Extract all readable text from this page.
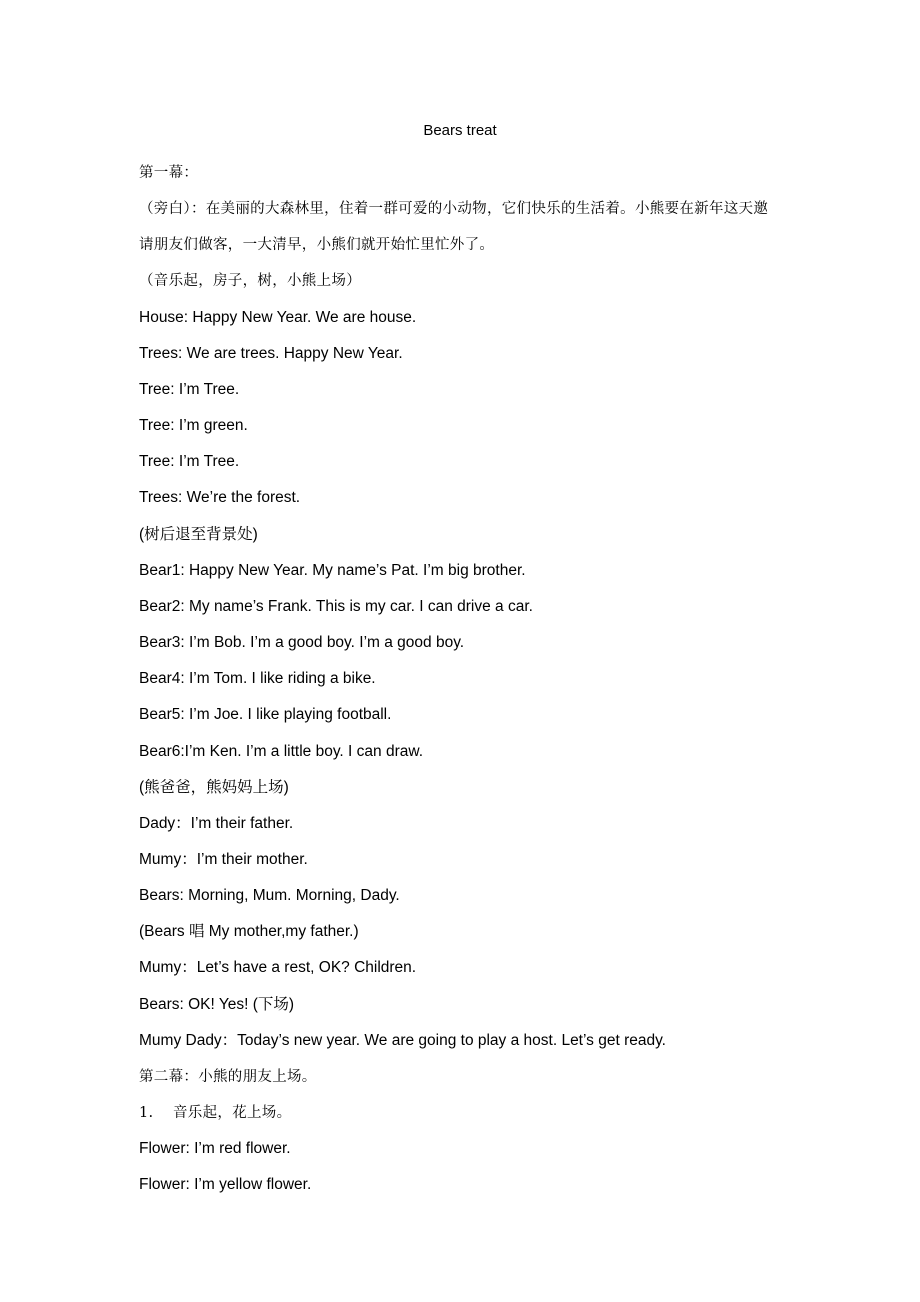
Bears treat
第一幕：
（旁白）：在美丽的大森林里，住着一群可爱的小动物，它们快乐的生活着。小熊要在新年这天邀请朋友们做客，一大清早，小熊们就开始忙里忙外了。
（音乐起，房子，树，小熊上场）
House: Happy New Year. We are house.
Trees: We are trees. Happy New Year.
Tree: I’m Tree.
Tree: I’m green.
Tree: I’m Tree.
Trees: We’re the forest.
(树后退至背景处)
Bear1: Happy New Year. My name’s Pat. I’m big brother.
Bear2: My name’s Frank. This is my car. I can drive a car.
Bear3: I’m Bob. I’m a good boy. I’m a good boy.
Bear4: I’m Tom. I like riding a bike.
Bear5: I’m Joe. I like playing football.
Bear6:I’m Ken. I’m a little boy. I can draw.
(熊爸爸，熊妈妈上场)
Dady：I’m their father.
Mumy：I’m their mother.
Bears: Morning, Mum. Morning, Dady.
(Bears 唱 My mother,my father.)
Mumy：Let’s have a rest, OK? Children.
Bears: OK! Yes! (下场)
Mumy Dady：Today’s new year. We are going to play a host. Let’s get ready.
第二幕：小熊的朋友上场。
1. 音乐起，花上场。
Flower: I’m red flower.
Flower: I’m yellow flower.
